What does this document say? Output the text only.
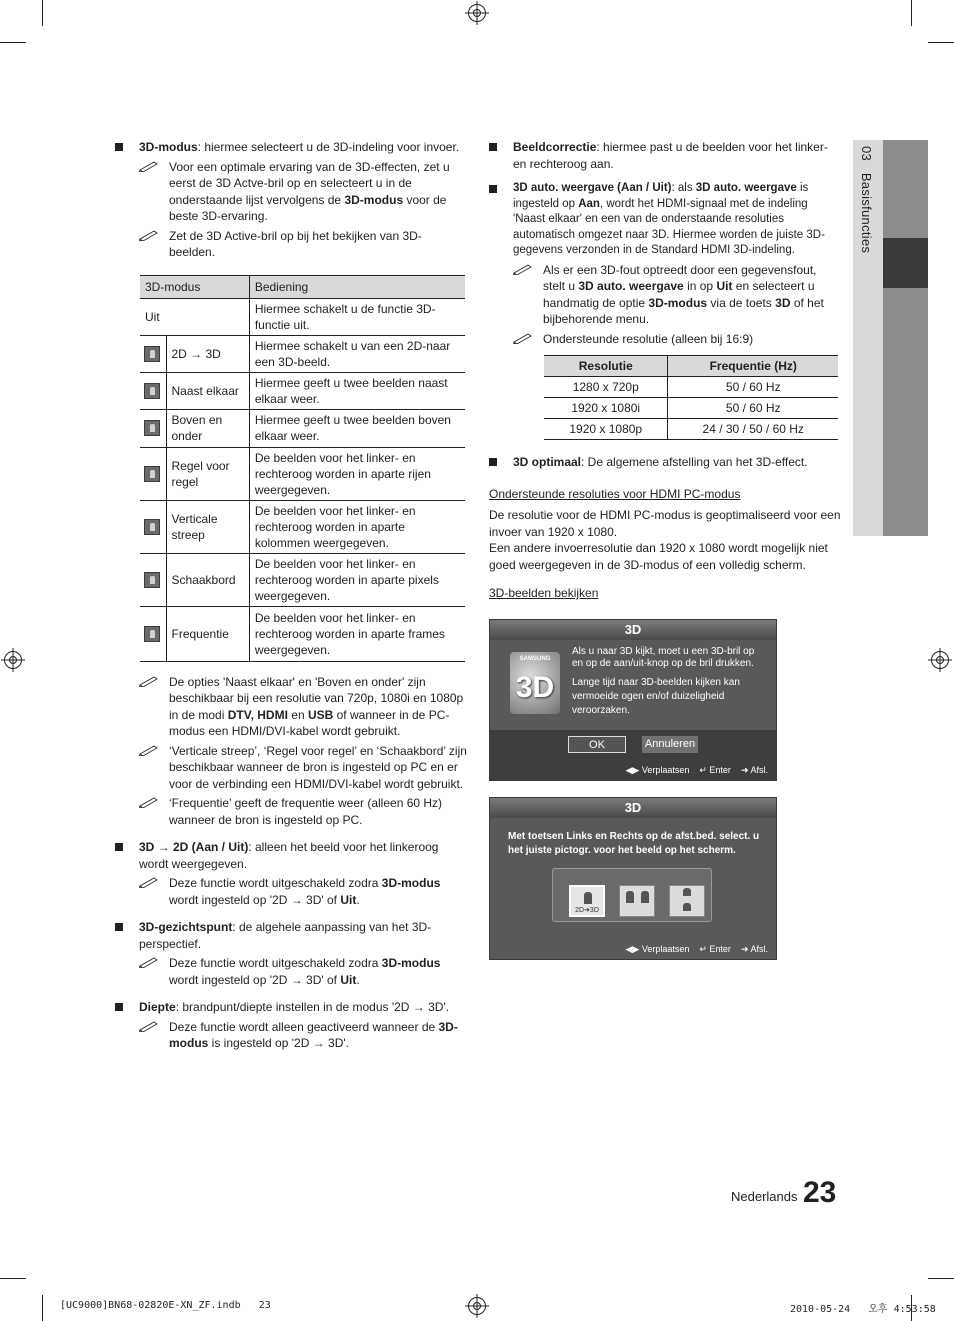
03   Basisfuncties
3D-modus: hiermee selecteert u de 3D-indeling voor invoer.
Voor een optimale ervaring van de 3D-effecten, zet u eerst de 3D Actve-bril op en selecteert u in de onderstaande lijst vervolgens de 3D-modus voor de beste 3D-ervaring.
Zet de 3D Active-bril op bij het bekijken van 3D-beelden.
3D-modus		Bediening
Uit		Hiermee schakelt u de functie 3D-functie uit.

	2D → 3D	Hiermee schakelt u van een 2D-naar een 3D-beeld.

	Naast elkaar	Hiermee geeft u twee beelden naast elkaar weer.

	Boven en onder	Hiermee geeft u twee beelden boven elkaar weer.

	Regel voor regel	De beelden voor het linker- en rechteroog worden in aparte rijen weergegeven.

	Verticale streep	De beelden voor het linker- en rechteroog worden in aparte kolommen weergegeven.

	Schaakbord	De beelden voor het linker- en rechteroog worden in aparte pixels weergegeven.

	Frequentie	De beelden voor het linker- en rechteroog worden in aparte frames weergegeven.
De opties 'Naast elkaar' en 'Boven en onder' zijn beschikbaar bij een resolutie van 720p, 1080i en 1080p in de modi DTV, HDMI en USB of wanneer in de PC-modus een HDMI/DVI-kabel wordt gebruikt.
‘Verticale streep’, ‘Regel voor regel’ en ‘Schaakbord’ zijn beschikbaar wanneer de bron is ingesteld op PC en er voor de verbinding een HDMI/DVI-kabel wordt gebruikt.
‘Frequentie’ geeft de frequentie weer (alleen 60 Hz) wanneer de bron is ingesteld op PC.
3D → 2D (Aan / Uit): alleen het beeld voor het linkeroog wordt weergegeven.
Deze functie wordt uitgeschakeld zodra 3D-modus wordt ingesteld op '2D → 3D' of Uit.
3D-gezichtspunt: de algehele aanpassing van het 3D-perspectief.
Deze functie wordt uitgeschakeld zodra 3D-modus wordt ingesteld op '2D → 3D' of Uit.
Diepte: brandpunt/diepte instellen in de modus '2D → 3D'.
Deze functie wordt alleen geactiveerd wanneer de 3D-modus is ingesteld op '2D → 3D'.
Beeldcorrectie: hiermee past u de beelden voor het linker- en rechteroog aan.
3D auto. weergave (Aan / Uit): als 3D auto. weergave is ingesteld op Aan, wordt het HDMI-signaal met de indeling 'Naast elkaar' en een van de onderstaande resoluties automatisch omgezet naar 3D. Hiermee worden de juiste 3D-gegevens verzonden in de Standard HDMI 3D-indeling.
Als er een 3D-fout optreedt door een gegevensfout, stelt u 3D auto. weergave in op Uit en selecteert u handmatig de optie 3D-modus via de toets 3D of het bijbehorende menu.
Ondersteunde resolutie (alleen bij 16:9)
Resolutie	Frequentie (Hz)
1280 x 720p	50 / 60 Hz
1920 x 1080i	50 / 60 Hz
1920 x 1080p	24 / 30 / 50 / 60 Hz
3D optimaal: De algemene afstelling van het 3D-effect.
Ondersteunde resoluties voor HDMI PC-modus
De resolutie voor de HDMI PC-modus is geoptimaliseerd voor een invoer van 1920 x 1080.
Een andere invoerresolutie dan 1920 x 1080 wordt mogelijk niet goed weergegeven in de 3D-modus of een volledig scherm.
3D-beelden bekijken
3D
3D
SAMSUNG
Als u naar 3D kijkt, moet u een 3D-bril op en op de aan/uit-knop op de bril drukken.
Lange tijd naar 3D-beelden kijken kan vermoeide ogen en/of duizeligheid veroorzaken.
OK	Annuleren
◀▶ Verplaatsen ↵ Enter ➜ Afsl.
3D
Met toetsen Links en Rechts op de afst.bed. select. u het juiste pictogr. voor het beeld op het scherm.
2D➔3D
◀▶ Verplaatsen ↵ Enter ➜ Afsl.
Nederlands 23
[UC9000]BN68-02820E-XN_ZF.indb   23	2010-05-24   오후 4:53:58
